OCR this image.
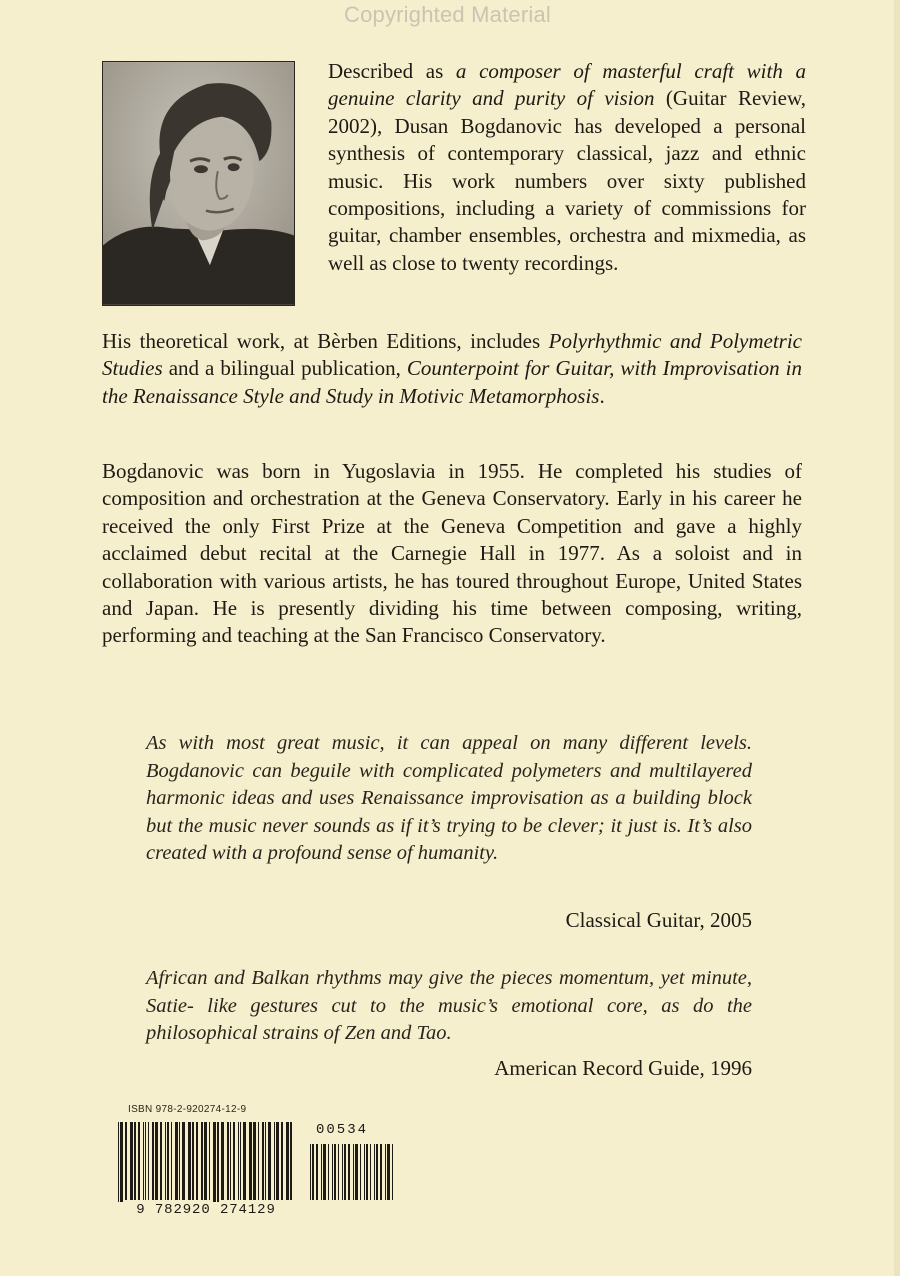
Copyrighted Material
Described as a composer of masterful craft with a genuine clarity and purity of vision (Guitar Review, 2002), Dusan Bogdanovic has developed a personal synthesis of contemporary classical, jazz and ethnic music. His work numbers over sixty published compositions, including a variety of commissions for guitar, chamber ensembles, orchestra and mixmedia, as well as close to twenty recordings.
His theoretical work, at Bèrben Editions, includes Polyrhythmic and Polymetric Studies and a bilingual publication, Counterpoint for Guitar, with Improvisation in the Renaissance Style and Study in Motivic Metamorphosis.
Bogdanovic was born in Yugoslavia in 1955. He completed his studies of composition and orchestration at the Geneva Conservatory. Early in his career he received the only First Prize at the Geneva Competition and gave a highly acclaimed debut recital at the Carnegie Hall in 1977. As a soloist and in collaboration with various artists, he has toured throughout Europe, United States and Japan. He is presently dividing his time between composing, writing, performing and teaching at the San Francisco Conservatory.
As with most great music, it can appeal on many different levels. Bogdanovic can beguile with complicated polymeters and multilayered harmonic ideas and uses Renaissance improvisation as a building block but the music never sounds as if it’s trying to be clever; it just is. It’s also created with a profound sense of humanity.
Classical Guitar, 2005
African and Balkan rhythms may give the pieces momentum, yet minute, Satie- like gestures cut to the music’s emotional core, as do the philosophical strains of Zen and Tao.
American Record Guide, 1996
ISBN 978-2-920274-12-9
9 782920 274129
00534
